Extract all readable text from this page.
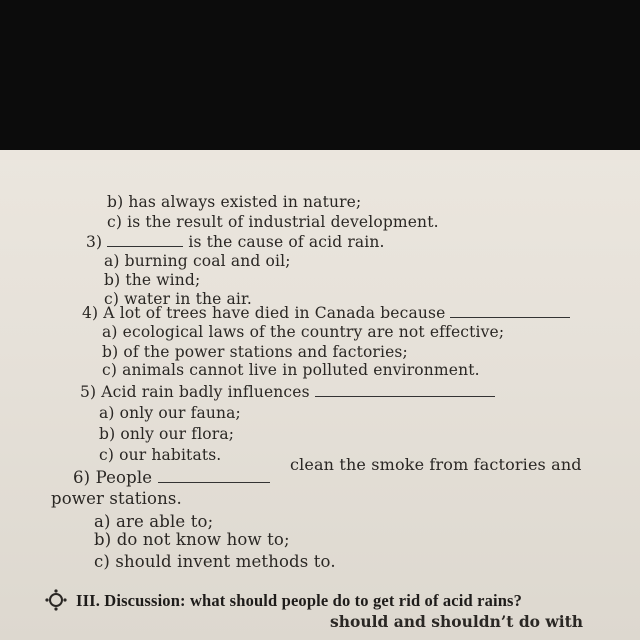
b) has always existed in nature;
c) is the result of industrial development.
3)	is the cause of acid rain.
a) burning coal and oil;
b) the wind;
c) water in the air.
4) A lot of trees have died in Canada because
a) ecological laws of the country are not effective;
b) of the power stations and factories;
c) animals cannot live in polluted environment.
5) Acid rain badly influences
a) only our fauna;
b) only our flora;
c) our habitats.
6) People
clean the smoke from factories and
power stations.
a) are able to;
b) do not know how to;
c) should invent methods to.
III. Discussion: what should people do to get rid of acid rains?
should and shouldn’t do with
